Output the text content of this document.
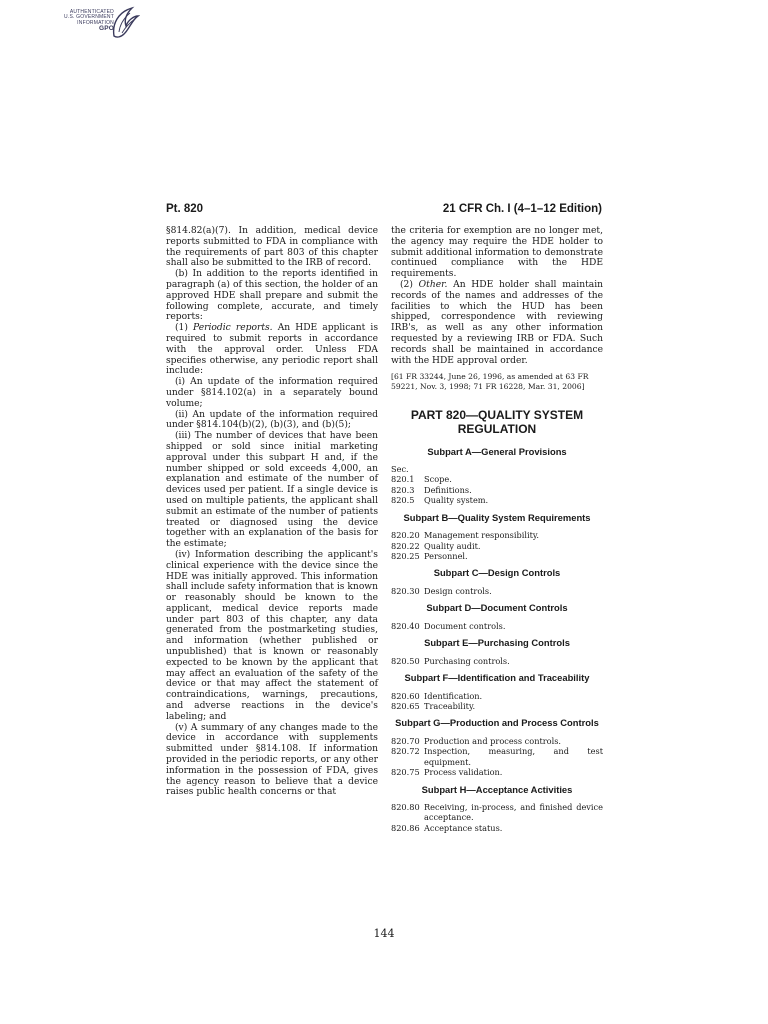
AUTHENTICATED
U.S. GOVERNMENT
INFORMATION
GPO
Pt. 820	21 CFR Ch. I (4–1–12 Edition)

§814.82(a)(7). In addition, medical device reports submitted to FDA in compliance with the requirements of part 803 of this chapter shall also be submitted to the IRB of record.

(b) In addition to the reports identified in paragraph (a) of this section, the holder of an approved HDE shall prepare and submit the following complete, accurate, and timely reports:

(1) Periodic reports. An HDE applicant is required to submit reports in accordance with the approval order. Unless FDA specifies otherwise, any periodic report shall include:

(i) An update of the information required under §814.102(a) in a separately bound volume;

(ii) An update of the information required under §814.104(b)(2), (b)(3), and (b)(5);

(iii) The number of devices that have been shipped or sold since initial marketing approval under this subpart H and, if the number shipped or sold exceeds 4,000, an explanation and estimate of the number of devices used per patient. If a single device is used on multiple patients, the applicant shall submit an estimate of the number of patients treated or diagnosed using the device together with an explanation of the basis for the estimate;

(iv) Information describing the applicant's clinical experience with the device since the HDE was initially approved. This information shall include safety information that is known or reasonably should be known to the applicant, medical device reports made under part 803 of this chapter, any data generated from the postmarketing studies, and information (whether published or unpublished) that is known or reasonably expected to be known by the applicant that may affect an evaluation of the safety of the device or that may affect the statement of contraindications, warnings, precautions, and adverse reactions in the device's labeling; and

(v) A summary of any changes made to the device in accordance with supplements submitted under §814.108. If information provided in the periodic reports, or any other information in the possession of FDA, gives the agency reason to believe that a device raises public health concerns or that

the criteria for exemption are no longer met, the agency may require the HDE holder to submit additional information to demonstrate continued compliance with the HDE requirements.

(2) Other. An HDE holder shall maintain records of the names and addresses of the facilities to which the HUD has been shipped, correspondence with reviewing IRB's, as well as any other information requested by a reviewing IRB or FDA. Such records shall be maintained in accordance with the HDE approval order.

[61 FR 33244, June 26, 1996, as amended at 63 FR 59221, Nov. 3, 1998; 71 FR 16228, Mar. 31, 2006]

PART 820—QUALITY SYSTEM REGULATION
Subpart A—General Provisions
Sec.
820.1	Scope.
820.3	Definitions.
820.5	Quality system.
Subpart B—Quality System Requirements
820.20 Management responsibility.
820.22 Quality audit.
820.25 Personnel.
Subpart C—Design Controls
820.30 Design controls.
Subpart D—Document Controls
820.40 Document controls.
Subpart E—Purchasing Controls
820.50 Purchasing controls.
Subpart F—Identification and Traceability
820.60 Identification.
820.65 Traceability.
Subpart G—Production and Process Controls
820.70 Production and process controls.
820.72 Inspection, measuring, and test equipment.
820.75 Process validation.
Subpart H—Acceptance Activities
820.80 Receiving, in-process, and finished device acceptance.
820.86 Acceptance status.
144
